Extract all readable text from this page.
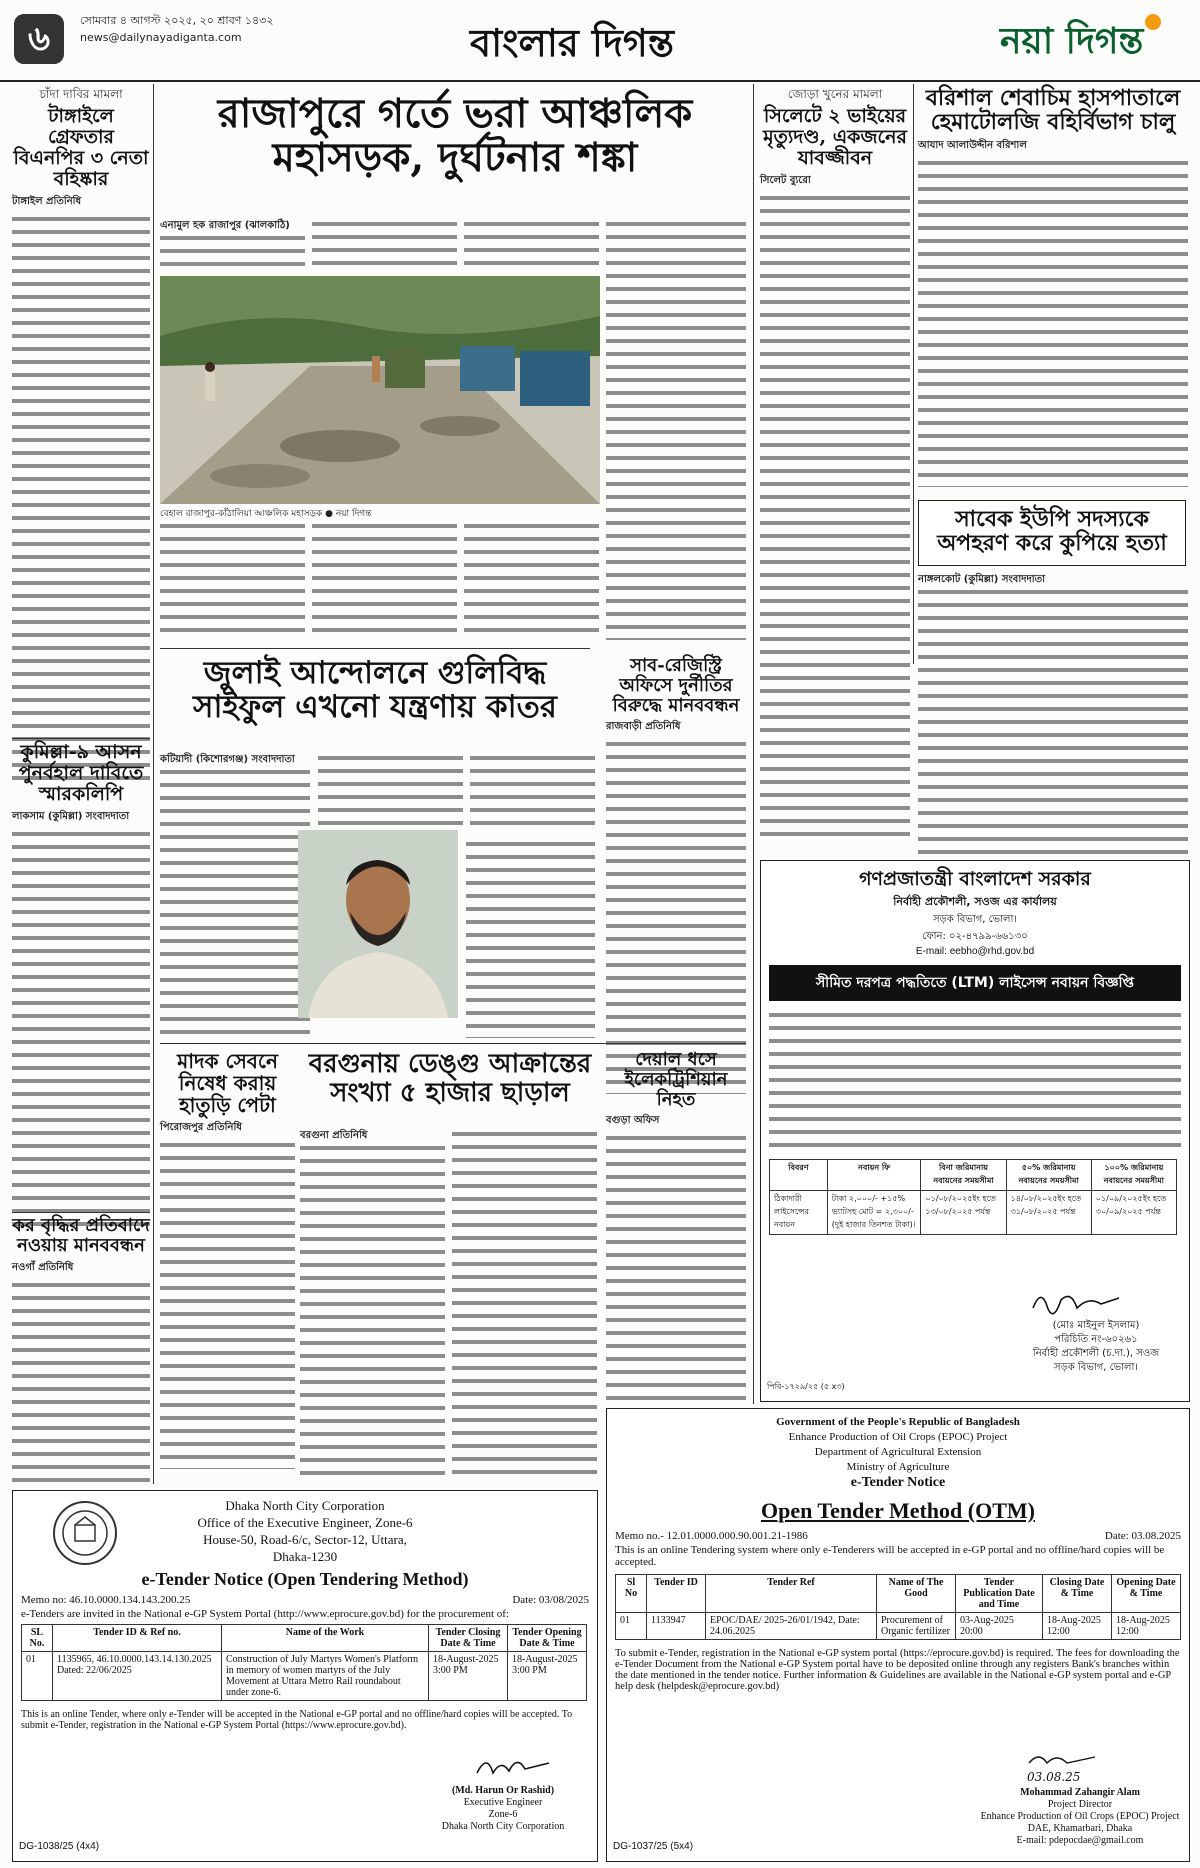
৬	সোমবার ৪ আগস্ট ২০২৫, ২০ শ্রাবণ ১৪৩২
news@dailynayadiganta.com	বাংলার দিগন্ত	নয়া দিগন্ত
চাঁদা দাবির মামলা
টাঙ্গাইলে গ্রেফতার বিএনপির ৩ নেতা বহিষ্কার
টাঙ্গাইল প্রতিনিধি
কুমিল্লা-৯ আসন পুনর্বহাল দাবিতে স্মারকলিপি
লাকসাম (কুমিল্লা) সংবাদদাতা
কর বৃদ্ধির প্রতিবাদে নওয়ায় মানববন্ধন
নওগাঁ প্রতিনিধি
রাজাপুরে গর্তে ভরা আঞ্চলিক
মহাসড়ক, দুর্ঘটনার শঙ্কা
এনামুল হক রাজাপুর (ঝালকাঠি)
বেহাল রাজাপুর-কাঁঠালিয়া আঞ্চলিক মহাসড়ক ● নয়া দিগন্ত
জোড়া খুনের মামলা
সিলেটে ২ ভাইয়ের মৃত্যুদণ্ড, একজনের যাবজ্জীবন
সিলেট ব্যুরো
বরিশাল শেবাচিম হাসপাতালে হেমাটোলজি বহির্বিভাগ চালু
আযাদ আলাউদ্দীন বরিশাল
সাবেক ইউপি সদস্যকে অপহরণ করে কুপিয়ে হত্যা
নাঙ্গলকোট (কুমিল্লা) সংবাদদাতা
জুলাই আন্দোলনে গুলিবিদ্ধ
সাইফুল এখনো যন্ত্রণায় কাতর
কটিয়াদী (কিশোরগঞ্জ) সংবাদদাতা
সাব-রেজিস্ট্রি অফিসে দুর্নীতির বিরুদ্ধে মানববন্ধন
রাজবাড়ী প্রতিনিধি
মাদক সেবনে নিষেধ করায় হাতুড়ি পেটা
পিরোজপুর প্রতিনিধি
বরগুনায় ডেঙ্গু আক্রান্তের সংখ্যা ৫ হাজার ছাড়াল
বরগুনা প্রতিনিধি
দেয়াল ধসে ইলেকট্রিশিয়ান নিহত
বগুড়া অফিস
গণপ্রজাতন্ত্রী বাংলাদেশ সরকার
নির্বাহী প্রকৌশলী, সওজ এর কার্যালয়
সড়ক বিভাগ, ভোলা।
ফোন: ০২-৪৭৯৯-৬৬১৩০
E-mail: eebho@rhd.gov.bd
সীমিত দরপত্র পদ্ধতিতে (LTM) লাইসেন্স নবায়ন বিজ্ঞপ্তি
বিবরণ	নবায়ন ফি	বিনা জরিমানায় নবায়নের সময়সীমা	৫০% জরিমানায় নবায়নের সময়সীমা	১০০% জরিমানায় নবায়নের সময়সীমা
ঠিকাদারী লাইসেন্সের নবায়ন	টাকা ২,০০০/- +১৫% ভ্যাটসহ মোট = ২,৩০০/- (দুই হাজার তিনশত টাকা)।	০১/০৮/২০২৫ইং হতে ১৩/০৮/২০২৫ পর্যন্ত	১৪/০৮/২০২৫ইং হতে ৩১/০৮/২০২৫ পর্যন্ত	০১/০৯/২০২৫ইং হতে ৩০/০৯/২০২৫ পর্যন্ত
(মোঃ মাইনুল ইসলাম)
পরিচিতি নং-৬০২৬১
নির্বাহী প্রকৌশলী (চ.দা.), সওজ
সড়ক বিভাগ, ভোলা।
পিবি-১৭২৯/২৫ (৫ x৩)
Dhaka North City Corporation
Office of the Executive Engineer, Zone-6
House-50, Road-6/c, Sector-12, Uttara,
Dhaka-1230
e-Tender Notice (Open Tendering Method)
Memo no: 46.10.0000.134.143.200.25	Date: 03/08/2025
e-Tenders are invited in the National e-GP System Portal (http://www.eprocure.gov.bd) for the procurement of:
SL No.	Tender ID & Ref no.	Name of the Work	Tender Closing Date & Time	Tender Opening Date & Time
01	1135965, 46.10.0000.143.14.130.2025 Dated: 22/06/2025	Construction of July Martyrs Women's Platform in memory of women martyrs of the July Movement at Uttara Metro Rail roundabout under zone-6.	18-August-2025 3:00 PM	18-August-2025 3:00 PM
This is an online Tender, where only e-Tender will be accepted in the National e-GP portal and no offline/hard copies will be accepted. To submit e-Tender, registration in the National e-GP System Portal (https://www.eprocure.gov.bd).
(Md. Harun Or Rashid)
Executive Engineer
Zone-6
Dhaka North City Corporation
DG-1038/25 (4x4)
Government of the People's Republic of Bangladesh
Enhance Production of Oil Crops (EPOC) Project
Department of Agricultural Extension
Ministry of Agriculture
e-Tender Notice
Open Tender Method (OTM)
Memo no.- 12.01.0000.000.90.001.21-1986	Date: 03.08.2025
This is an online Tendering system where only e-Tenderers will be accepted in e-GP portal and no offline/hard copies will be accepted.
Sl No	Tender ID	Tender Ref	Name of The Good	Tender Publication Date and Time	Closing Date & Time	Opening Date & Time
01	1133947	EPOC/DAE/ 2025-26/01/1942, Date: 24.06.2025	Procurement of Organic fertilizer	03-Aug-2025 20:00	18-Aug-2025 12:00	18-Aug-2025 12:00
To submit e-Tender, registration in the National e-GP system portal (https://eprocure.gov.bd) is required. The fees for downloading the e-Tender Document from the National e-GP System portal have to be deposited online through any registers Bank's branches within the date mentioned in the tender notice. Further information & Guidelines are available in the National e-GP system portal and e-GP help desk (helpdesk@eprocure.gov.bd)
03.08.25
Mohammad Zahangir Alam
Project Director
Enhance Production of Oil Crops (EPOC) Project
DAE, Khamarbari, Dhaka
E-mail: pdepocdae@gmail.com
DG-1037/25 (5x4)
